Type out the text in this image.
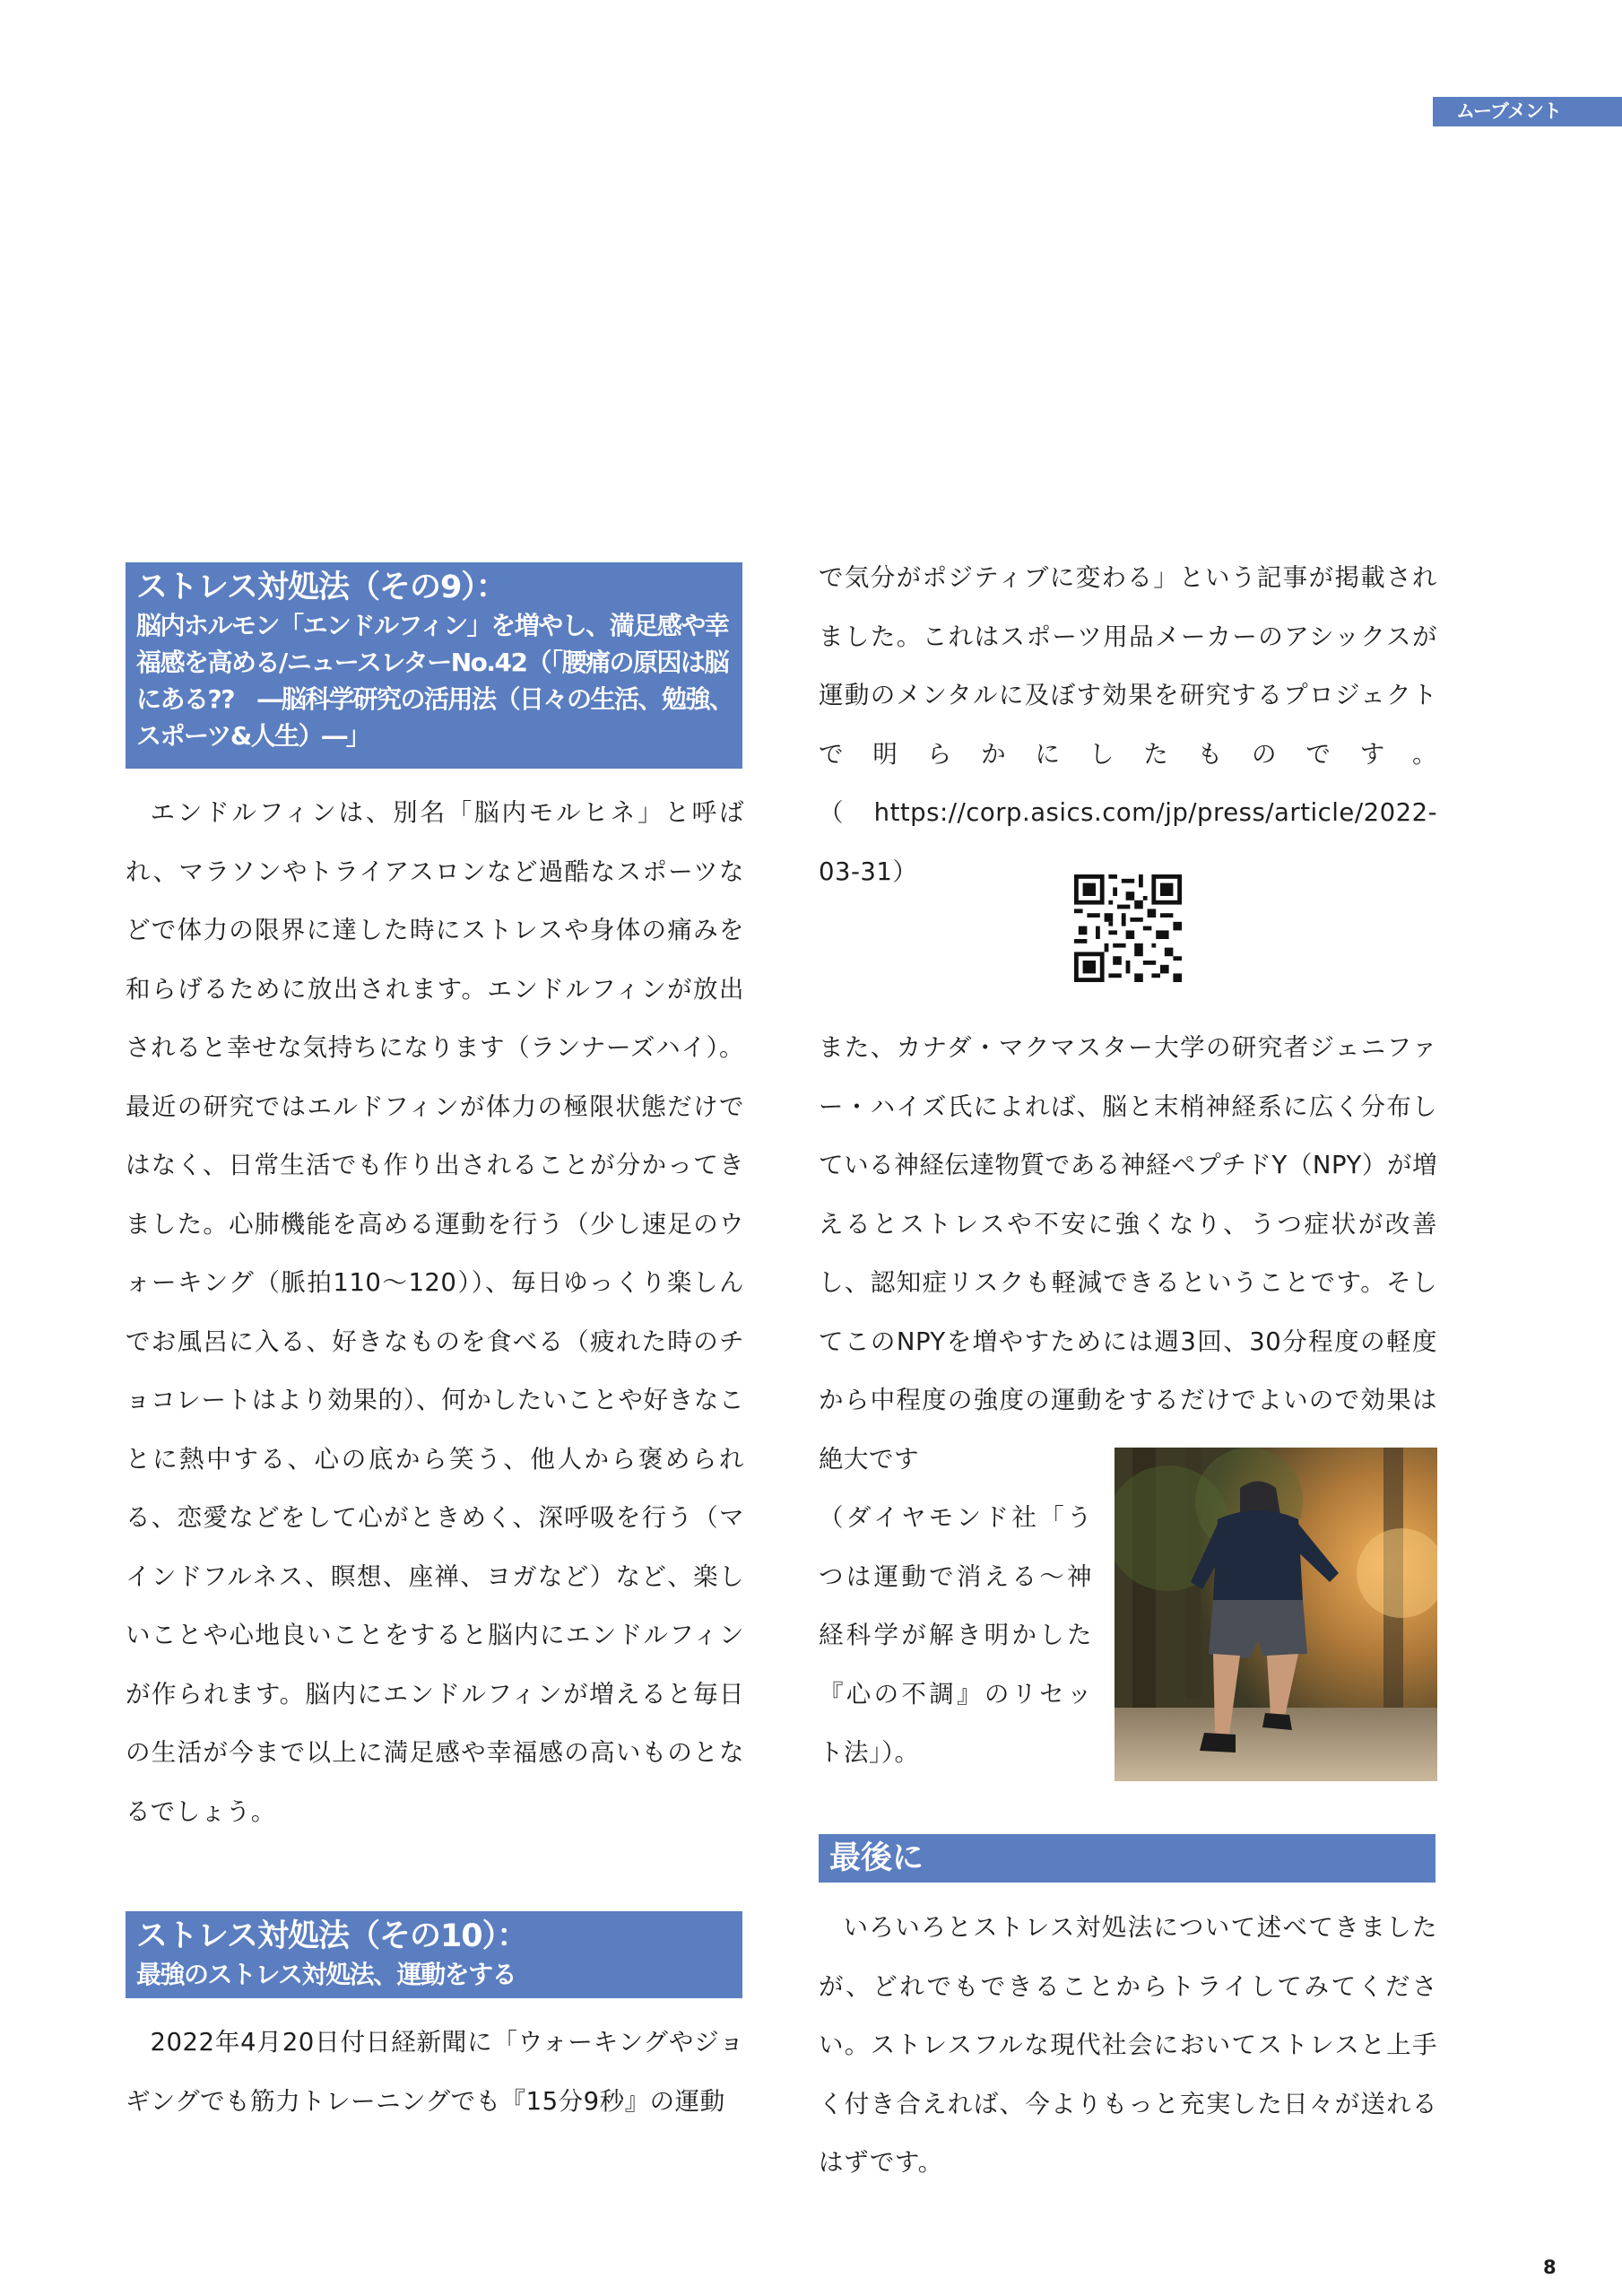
ムーブメント
ストレス対処法（その9）：
脳内ホルモン「エンドルフィン」を増やし、満足感や幸福感を高める/ニュースレターNo.42（「腰痛の原因は脳にある??　―脳科学研究の活用法（日々の生活、勉強、スポーツ&人生）―」

エンドルフィンは、別名「脳内モルヒネ」と呼ばれ、マラソンやトライアスロンなど過酷なスポーツなどで体力の限界に達した時にストレスや身体の痛みを和らげるために放出されます。エンドルフィンが放出されると幸せな気持ちになります（ランナーズハイ）。最近の研究ではエルドフィンが体力の極限状態だけではなく、日常生活でも作り出されることが分かってきました。心肺機能を高める運動を行う（少し速足のウォーキング（脈拍110〜120））、毎日ゆっくり楽しんでお風呂に入る、好きなものを食べる（疲れた時のチョコレートはより効果的）、何かしたいことや好きなことに熱中する、心の底から笑う、他人から褒められる、恋愛などをして心がときめく、深呼吸を行う（マインドフルネス、瞑想、座禅、ヨガなど）など、楽しいことや心地良いことをすると脳内にエンドルフィンが作られます。脳内にエンドルフィンが増えると毎日の生活が今まで以上に満足感や幸福感の高いものとなるでしょう。

ストレス対処法（その10）：
最強のストレス対処法、運動をする

2022年4月20日付日経新聞に「ウォーキングやジョギングでも筋力トレーニングでも『15分9秒』の運動

で気分がポジティブに変わる」という記事が掲載されました。これはスポーツ用品メーカーのアシックスが運動のメンタルに及ぼす効果を研究するプロジェクトで明らかにしたものです。（https://corp.asics.com/jp/press/article/2022-03-31）

また、カナダ・マクマスター大学の研究者ジェニファー・ハイズ氏によれば、脳と末梢神経系に広く分布している神経伝達物質である神経ペプチドY（NPY）が増えるとストレスや不安に強くなり、うつ症状が改善し、認知症リスクも軽減できるということです。そしてこのNPYを増やすためには週3回、30分程度の軽度から中程度の強度の運動をするだけでよいので効果は絶大です

（ダイヤモンド社「うつは運動で消える〜神経科学が解き明かした『心の不調』のリセット法」）。

最後に

いろいろとストレス対処法について述べてきましたが、どれでもできることからトライしてみてください。ストレスフルな現代社会においてストレスと上手く付き合えれば、今よりもっと充実した日々が送れるはずです。

8
